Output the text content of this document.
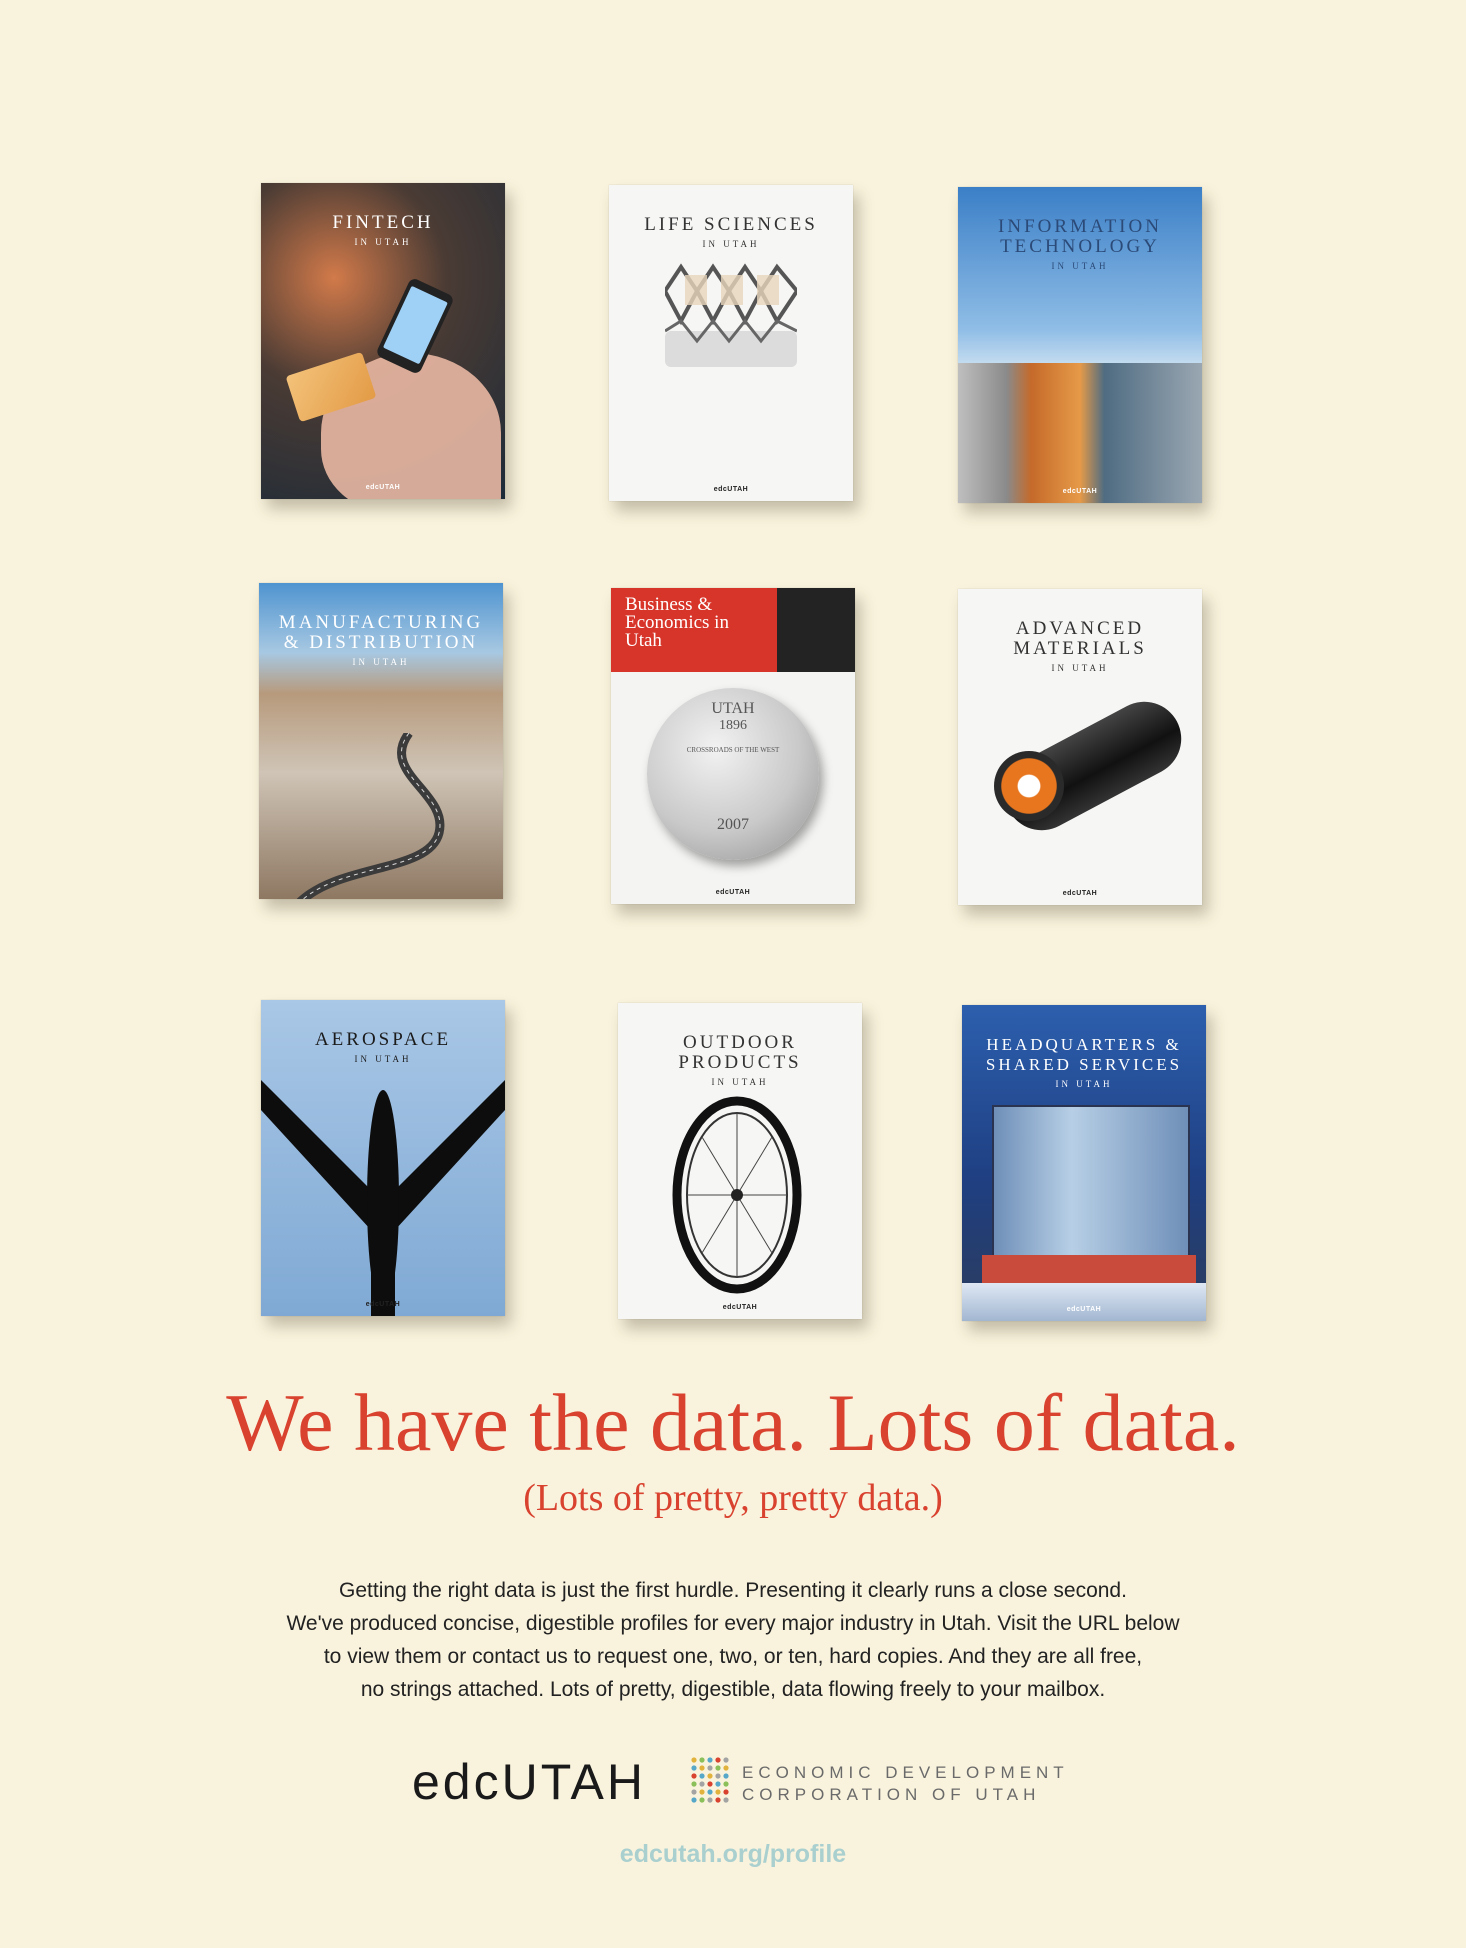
FINTECH
IN UTAH
edcUTAH
LIFE SCIENCES
IN UTAH
edcUTAH
INFORMATION TECHNOLOGY
IN UTAH
edcUTAH
MANUFACTURING & DISTRIBUTION
IN UTAH
Business & Economics in Utah
UTAH
1896
CROSSROADS OF THE WEST
2007
edcUTAH
ADVANCED MATERIALS
IN UTAH
edcUTAH
AEROSPACE
IN UTAH
edcUTAH
OUTDOOR PRODUCTS
IN UTAH
edcUTAH
HEADQUARTERS & SHARED SERVICES
IN UTAH
edcUTAH
We have the data. Lots of data.
(Lots of pretty, pretty data.)
Getting the right data is just the first hurdle. Presenting it clearly runs a close second.
We've produced concise, digestible profiles for every major industry in Utah. Visit the URL below
to view them or contact us to request one, two, or ten, hard copies. And they are all free,
no strings attached. Lots of pretty, digestible, data flowing freely to your mailbox.
edcUTAH	ECONOMIC DEVELOPMENT
CORPORATION OF UTAH
edcutah.org/profile
